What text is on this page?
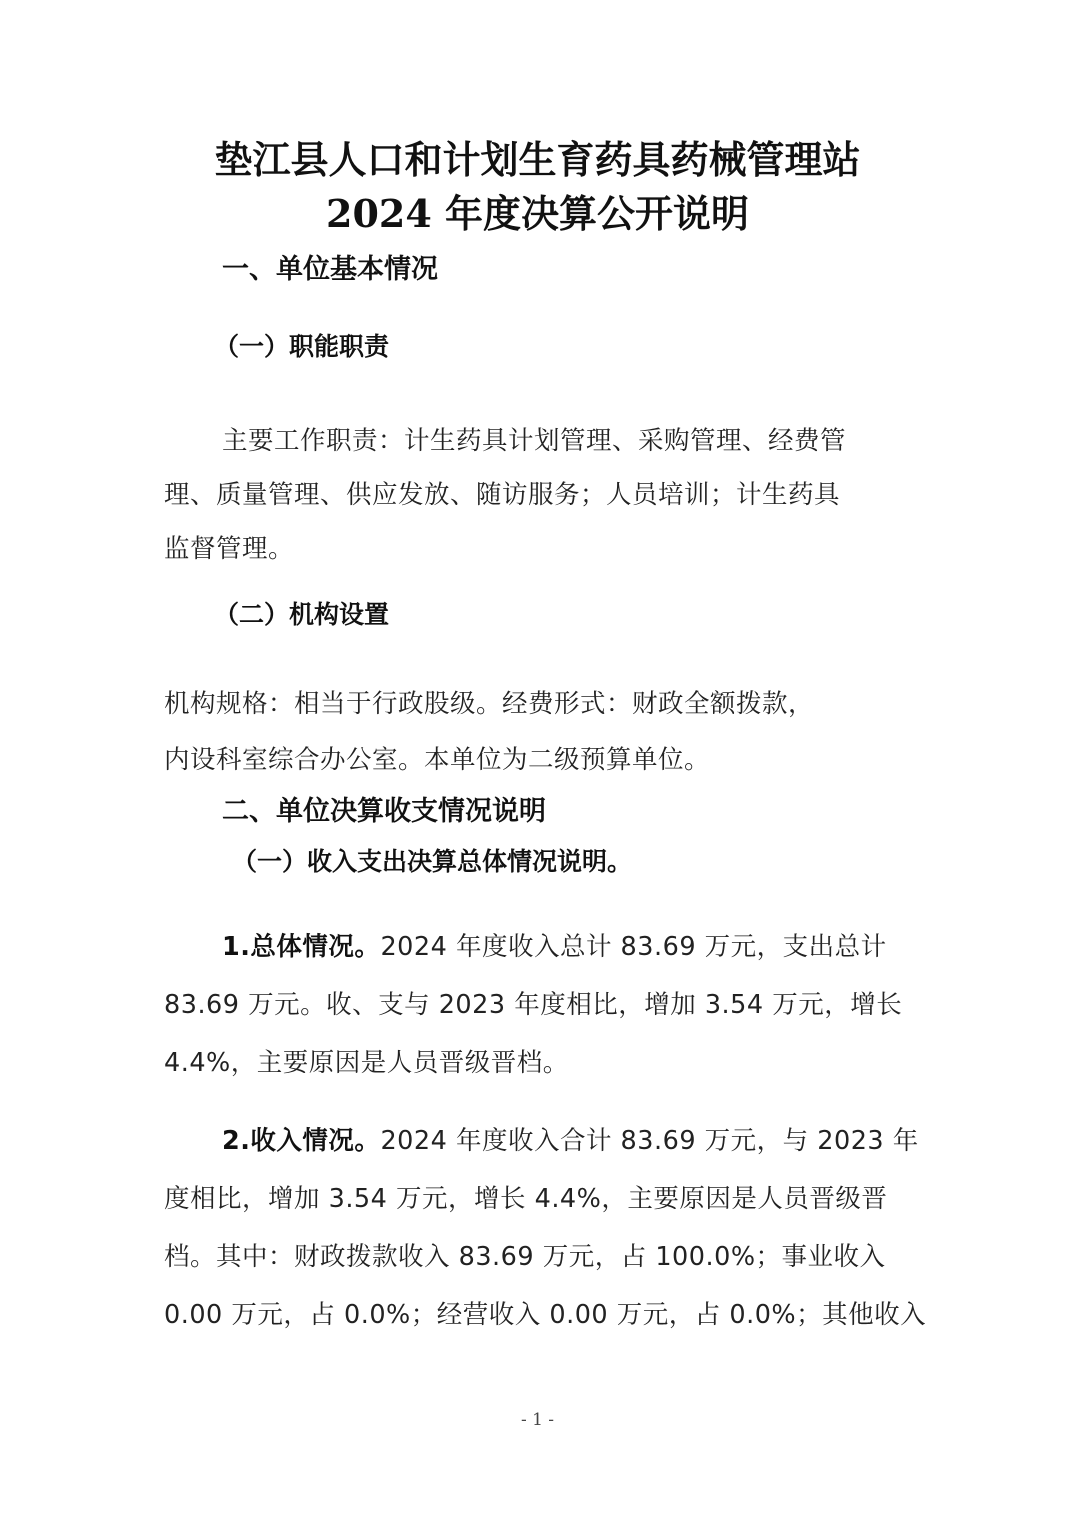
垫江县人口和计划生育药具药械管理站
2024 年度决算公开说明
一、单位基本情况
（一）职能职责
主要工作职责：计生药具计划管理、采购管理、经费管
理、质量管理、供应发放、随访服务；人员培训；计生药具
监督管理。
（二）机构设置
机构规格：相当于行政股级。经费形式：财政全额拨款，
内设科室综合办公室。本单位为二级预算单位。
二、单位决算收支情况说明
（一）收入支出决算总体情况说明。
1.总体情况。2024 年度收入总计 83.69 万元，支出总计
83.69 万元。收、支与 2023 年度相比，增加 3.54 万元，增长
4.4%，主要原因是人员晋级晋档。
2.收入情况。2024 年度收入合计 83.69 万元，与 2023 年
度相比，增加 3.54 万元，增长 4.4%，主要原因是人员晋级晋
档。其中：财政拨款收入 83.69 万元，占 100.0%；事业收入
0.00 万元，占 0.0%；经营收入 0.00 万元，占 0.0%；其他收入
- 1 -
